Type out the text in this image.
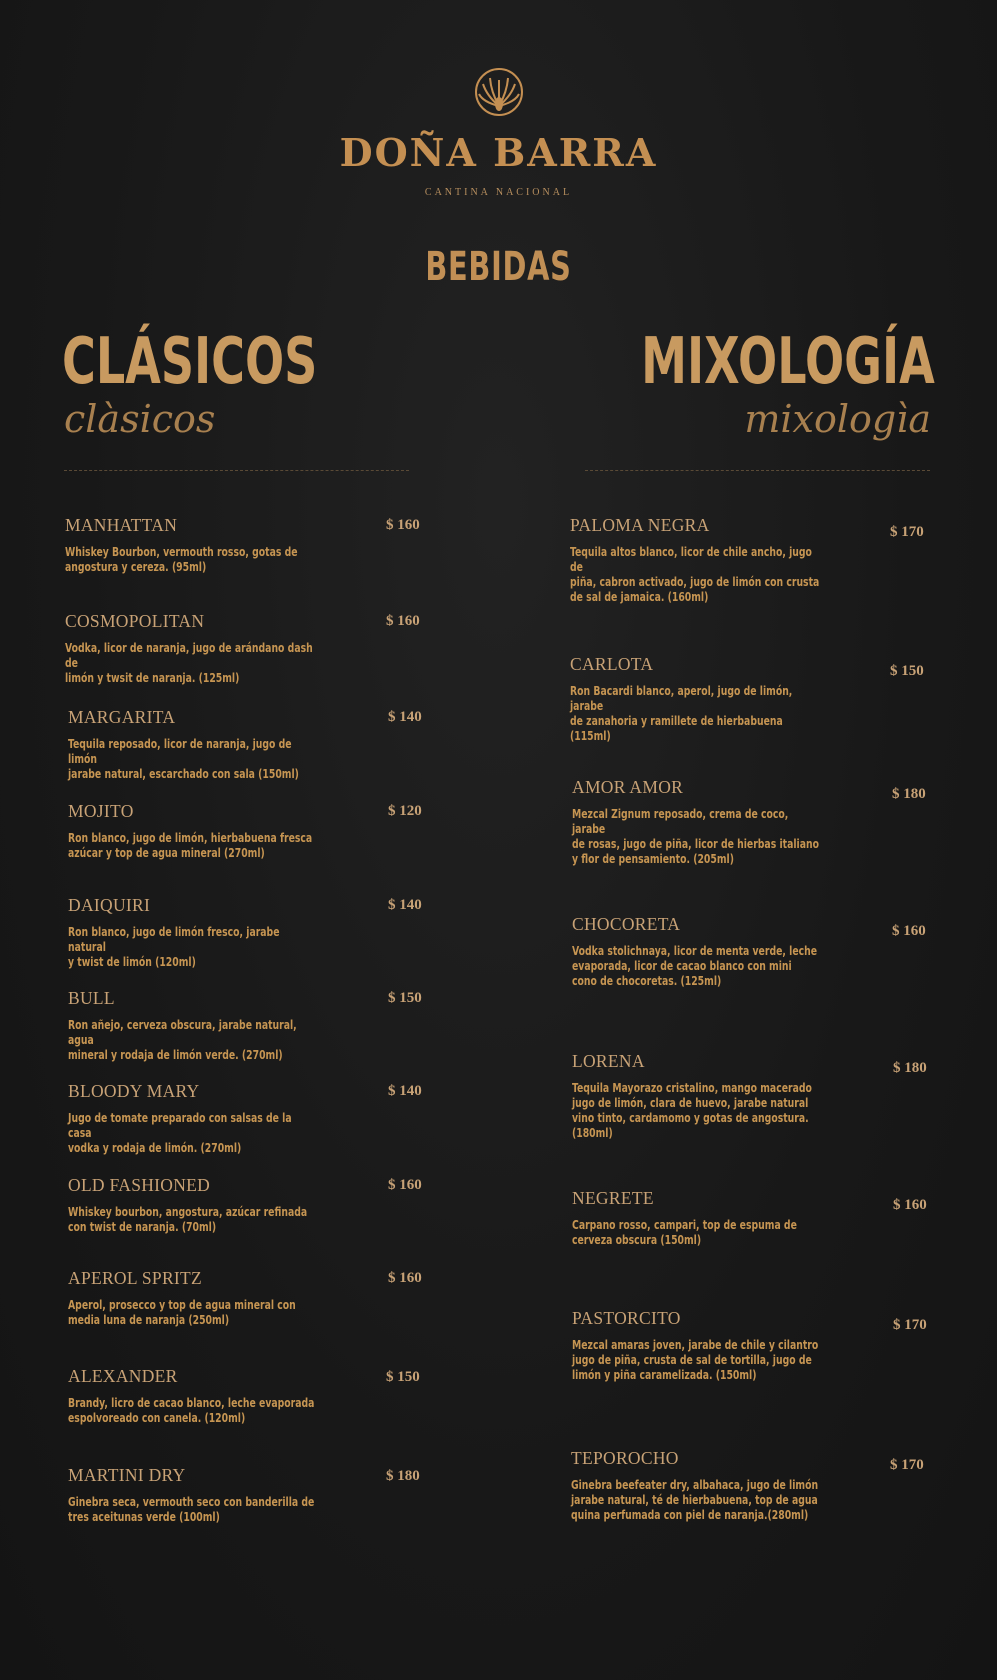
DOÑA BARRA
CANTINA NACIONAL
BEBIDAS
CLÁSICOS	MIXOLOGÍA
clàsicos	mixologìa
MANHATTAN
Whiskey Bourbon, vermouth rosso, gotas de
angostura y cereza. (95ml)
$ 160
COSMOPOLITAN
Vodka, licor de naranja, jugo de arándano dash de
limón y twsit de naranja. (125ml)
$ 160
MARGARITA
Tequila reposado, licor de naranja, jugo de limón
jarabe natural, escarchado con sala (150ml)
$ 140
MOJITO
Ron blanco, jugo de limón, hierbabuena fresca
azúcar y top de agua mineral (270ml)
$ 120
DAIQUIRI
Ron blanco, jugo de limón fresco, jarabe natural
y twist de limón (120ml)
$ 140
BULL
Ron añejo, cerveza obscura, jarabe natural, agua
mineral y rodaja de limón verde. (270ml)
$ 150
BLOODY MARY
Jugo de tomate preparado con salsas de la casa
vodka y rodaja de limón. (270ml)
$ 140
OLD FASHIONED
Whiskey bourbon, angostura, azúcar refinada
con twist de naranja. (70ml)
$ 160
APEROL SPRITZ
Aperol, prosecco y top de agua mineral con
media luna de naranja (250ml)
$ 160
ALEXANDER
Brandy, licro de cacao blanco, leche evaporada
espolvoreado con canela. (120ml)
$ 150
MARTINI DRY
Ginebra seca, vermouth seco con banderilla de
tres aceitunas verde (100ml)
$ 180
PALOMA NEGRA
Tequila altos blanco, licor de chile ancho, jugo de
piña, cabron activado, jugo de limón con crusta
de sal de jamaica. (160ml)
$ 170
CARLOTA
Ron Bacardi blanco, aperol, jugo de limón, jarabe
de zanahoria y ramillete de hierbabuena (115ml)
$ 150
AMOR AMOR
Mezcal Zignum reposado, crema de coco, jarabe
de rosas, jugo de piña, licor de hierbas italiano
y flor de pensamiento. (205ml)
$ 180
CHOCORETA
Vodka stolichnaya, licor de menta verde, leche
evaporada, licor de cacao blanco con mini
cono de chocoretas. (125ml)
$ 160
LORENA
Tequila Mayorazo cristalino, mango macerado
jugo de limón, clara de huevo, jarabe natural
vino tinto, cardamomo y gotas de angostura. (180ml)
$ 180
NEGRETE
Carpano rosso, campari, top de espuma de
cerveza obscura (150ml)
$ 160
PASTORCITO
Mezcal amaras joven, jarabe de chile y cilantro
jugo de piña, crusta de sal de tortilla, jugo de
limón y piña caramelizada. (150ml)
$ 170
TEPOROCHO
Ginebra beefeater dry, albahaca, jugo de limón
jarabe natural, té de hierbabuena, top de agua
quina perfumada con piel de naranja.(280ml)
$ 170
